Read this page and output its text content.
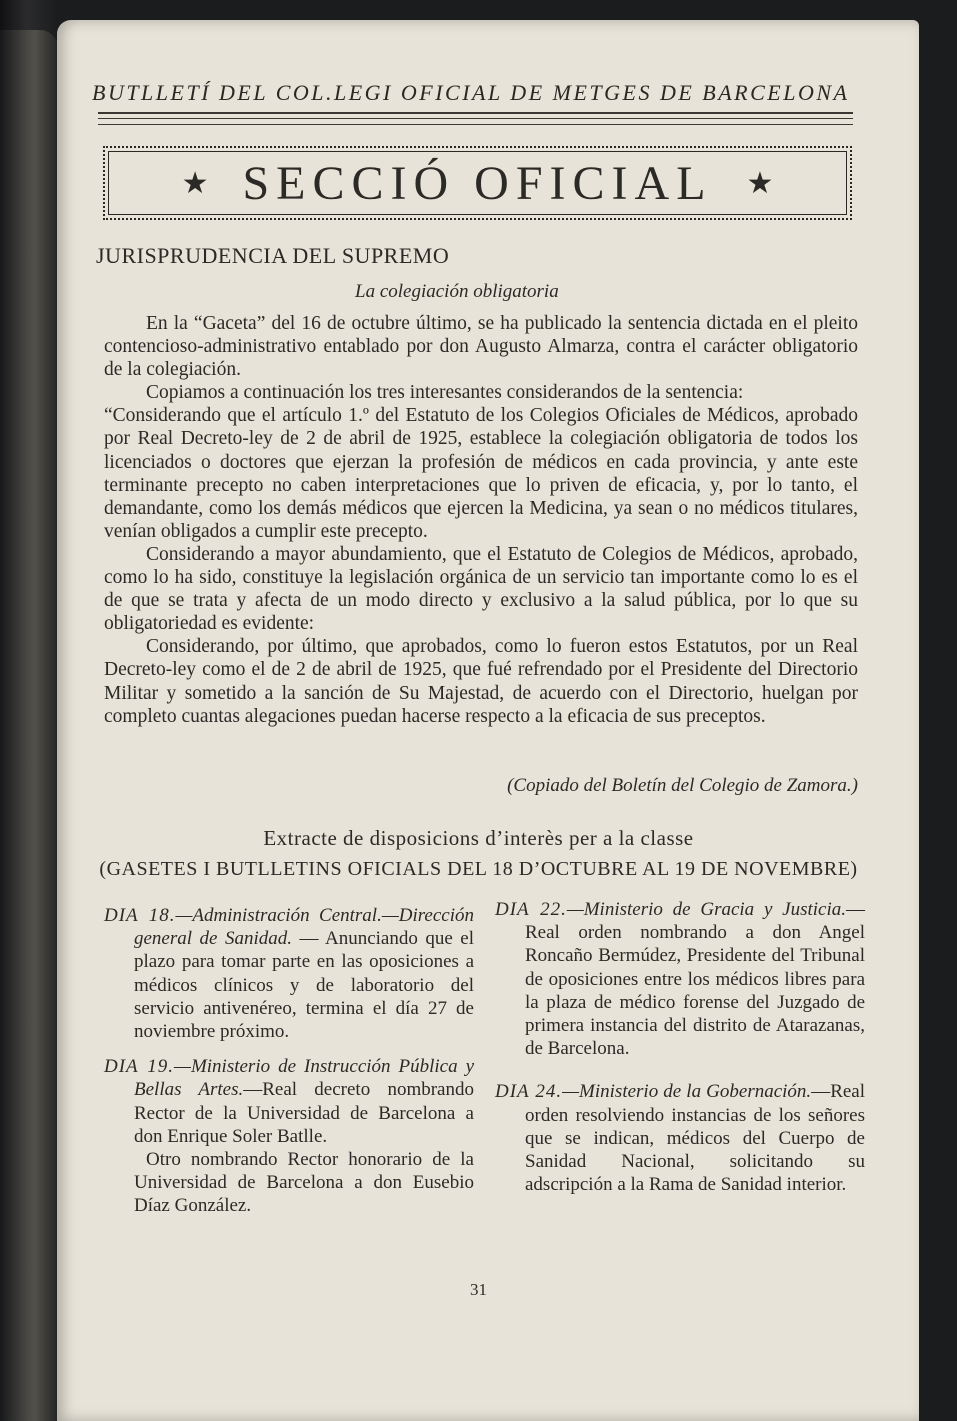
BUTLLETÍ DEL COL.LEGI OFICIAL DE METGES DE BARCELONA
★ SECCIÓ OFICIAL ★
JURISPRUDENCIA DEL SUPREMO
La colegiación obligatoria

En la “Gaceta” del 16 de octubre último, se ha publicado la sentencia dictada en el pleito contencioso-administrativo entablado por don Augusto Almarza, contra el carácter obligatorio de la colegiación.

Copiamos a continuación los tres interesantes considerandos de la sentencia:

“Considerando que el artículo 1.º del Estatuto de los Colegios Oficiales de Médicos, aprobado por Real Decreto-ley de 2 de abril de 1925, establece la colegiación obligatoria de todos los licenciados o doctores que ejerzan la profesión de médicos en cada provincia, y ante este terminante precepto no caben interpretaciones que lo priven de eficacia, y, por lo tanto, el demandante, como los demás médicos que ejercen la Medicina, ya sean o no médicos titulares, venían obligados a cumplir este precepto.

Considerando a mayor abundamiento, que el Estatuto de Colegios de Médicos, aprobado, como lo ha sido, constituye la legislación orgánica de un servicio tan importante como lo es el de que se trata y afecta de un modo directo y exclusivo a la salud pública, por lo que su obligatoriedad es evidente:

Considerando, por último, que aprobados, como lo fueron estos Estatutos, por un Real Decreto-ley como el de 2 de abril de 1925, que fué refrendado por el Presidente del Directorio Militar y sometido a la sanción de Su Majestad, de acuerdo con el Directorio, huelgan por completo cuantas alegaciones puedan hacerse respecto a la eficacia de sus preceptos.

(Copiado del Boletín del Colegio de Zamora.)
Extracte de disposicions d’interès per a la classe
(GASETES I BUTLLETINS OFICIALS DEL 18 D’OCTUBRE AL 19 DE NOVEMBRE)

DIA 18.—Administración Central.—Dirección general de Sanidad. — Anunciando que el plazo para tomar parte en las oposiciones a médicos clínicos y de laboratorio del servicio antivenéreo, termina el día 27 de noviembre próximo.

DIA 19.—Ministerio de Instrucción Pública y Bellas Artes.—Real decreto nombrando Rector de la Universidad de Barcelona a don Enrique Soler Batlle.

Otro nombrando Rector honorario de la Universidad de Barcelona a don Eusebio Díaz González.

DIA 22.—Ministerio de Gracia y Justicia.—Real orden nombrando a don Angel Roncaño Bermúdez, Presidente del Tribunal de oposiciones entre los médicos libres para la plaza de médico forense del Juzgado de primera instancia del distrito de Atarazanas, de Barcelona.

DIA 24.—Ministerio de la Gobernación.—Real orden resolviendo instancias de los señores que se indican, médicos del Cuerpo de Sanidad Nacional, solicitando su adscripción a la Rama de Sanidad interior.

31
